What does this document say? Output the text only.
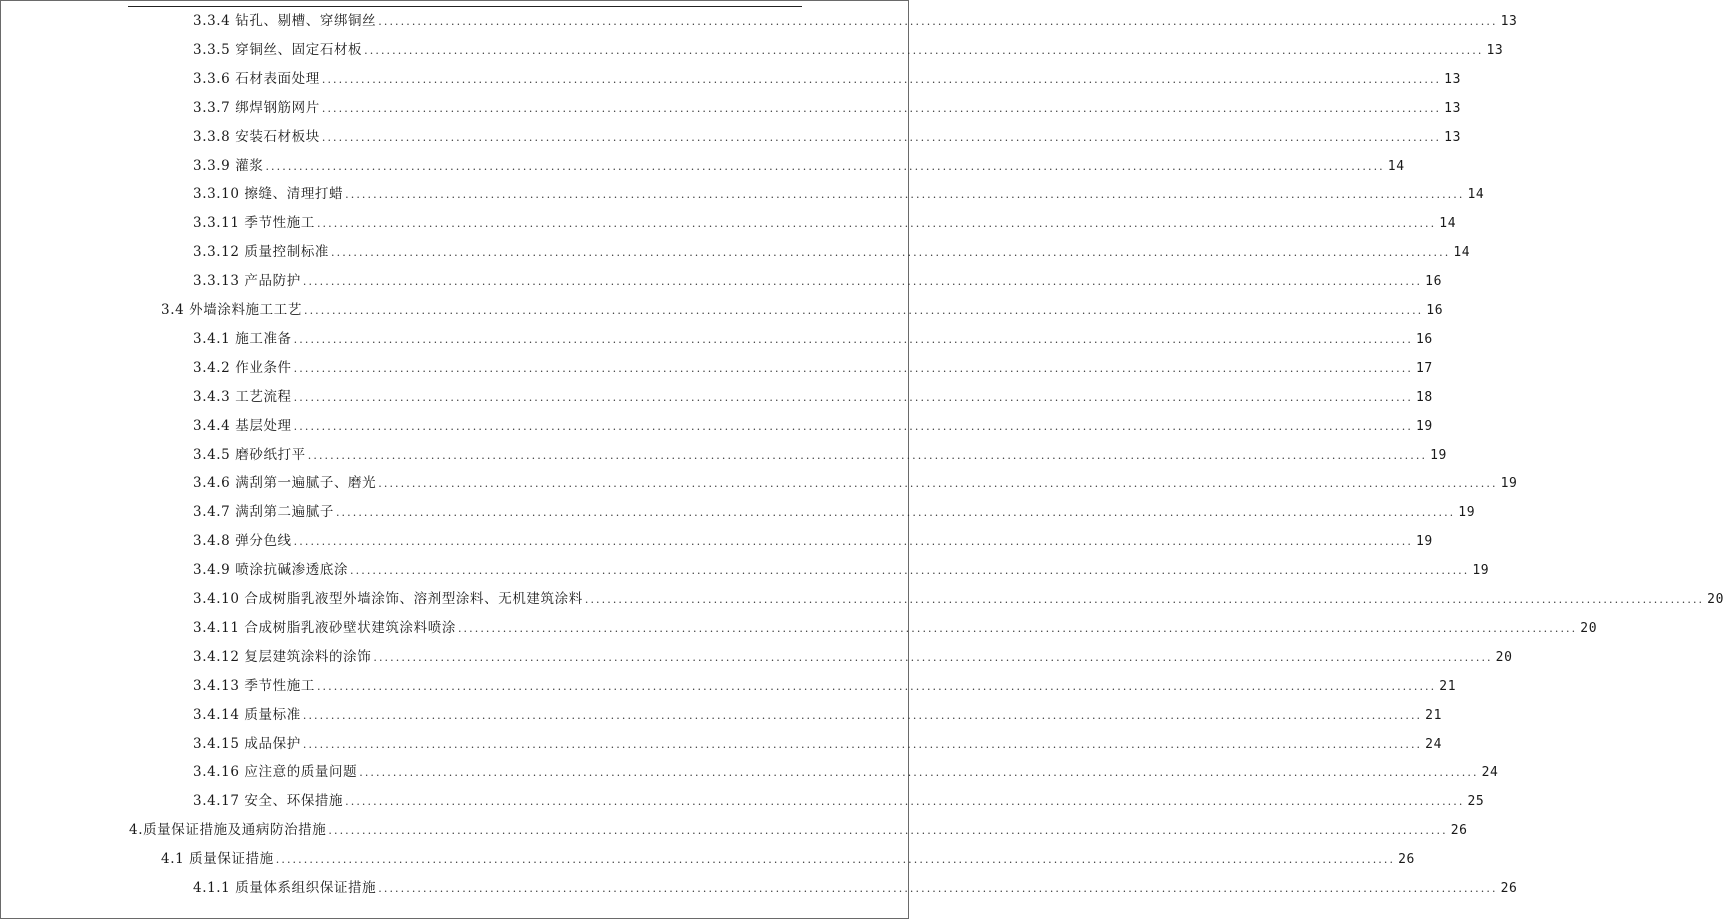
3.3.4 钻孔、剔槽、穿绑铜丝 ........................................................................................................................................................................................................ 13
3.3.5 穿铜丝、固定石材板 ........................................................................................................................................................................................................ 13
3.3.6 石材表面处理 ........................................................................................................................................................................................................ 13
3.3.7 绑焊钢筋网片 ........................................................................................................................................................................................................ 13
3.3.8 安装石材板块 ........................................................................................................................................................................................................ 13
3.3.9 灌浆 ........................................................................................................................................................................................................ 14
3.3.10 擦缝、清理打蜡 ........................................................................................................................................................................................................ 14
3.3.11 季节性施工 ........................................................................................................................................................................................................ 14
3.3.12 质量控制标准 ........................................................................................................................................................................................................ 14
3.3.13 产品防护 ........................................................................................................................................................................................................ 16
3.4 外墙涂料施工工艺 ........................................................................................................................................................................................................ 16
3.4.1 施工准备 ........................................................................................................................................................................................................ 16
3.4.2 作业条件 ........................................................................................................................................................................................................ 17
3.4.3 工艺流程 ........................................................................................................................................................................................................ 18
3.4.4 基层处理 ........................................................................................................................................................................................................ 19
3.4.5 磨砂纸打平 ........................................................................................................................................................................................................ 19
3.4.6 满刮第一遍腻子、磨光 ........................................................................................................................................................................................................ 19
3.4.7 满刮第二遍腻子 ........................................................................................................................................................................................................ 19
3.4.8 弹分色线 ........................................................................................................................................................................................................ 19
3.4.9 喷涂抗碱渗透底涂 ........................................................................................................................................................................................................ 19
3.4.10 合成树脂乳液型外墙涂饰、溶剂型涂料、无机建筑涂料 ........................................................................................................................................................................................................ 20
3.4.11 合成树脂乳液砂壁状建筑涂料喷涂 ........................................................................................................................................................................................................ 20
3.4.12 复层建筑涂料的涂饰 ........................................................................................................................................................................................................ 20
3.4.13 季节性施工 ........................................................................................................................................................................................................ 21
3.4.14 质量标准 ........................................................................................................................................................................................................ 21
3.4.15 成品保护 ........................................................................................................................................................................................................ 24
3.4.16 应注意的质量问题 ........................................................................................................................................................................................................ 24
3.4.17 安全、环保措施 ........................................................................................................................................................................................................ 25
4.质量保证措施及通病防治措施 ........................................................................................................................................................................................................ 26
4.1 质量保证措施 ........................................................................................................................................................................................................ 26
4.1.1 质量体系组织保证措施 ........................................................................................................................................................................................................ 26
